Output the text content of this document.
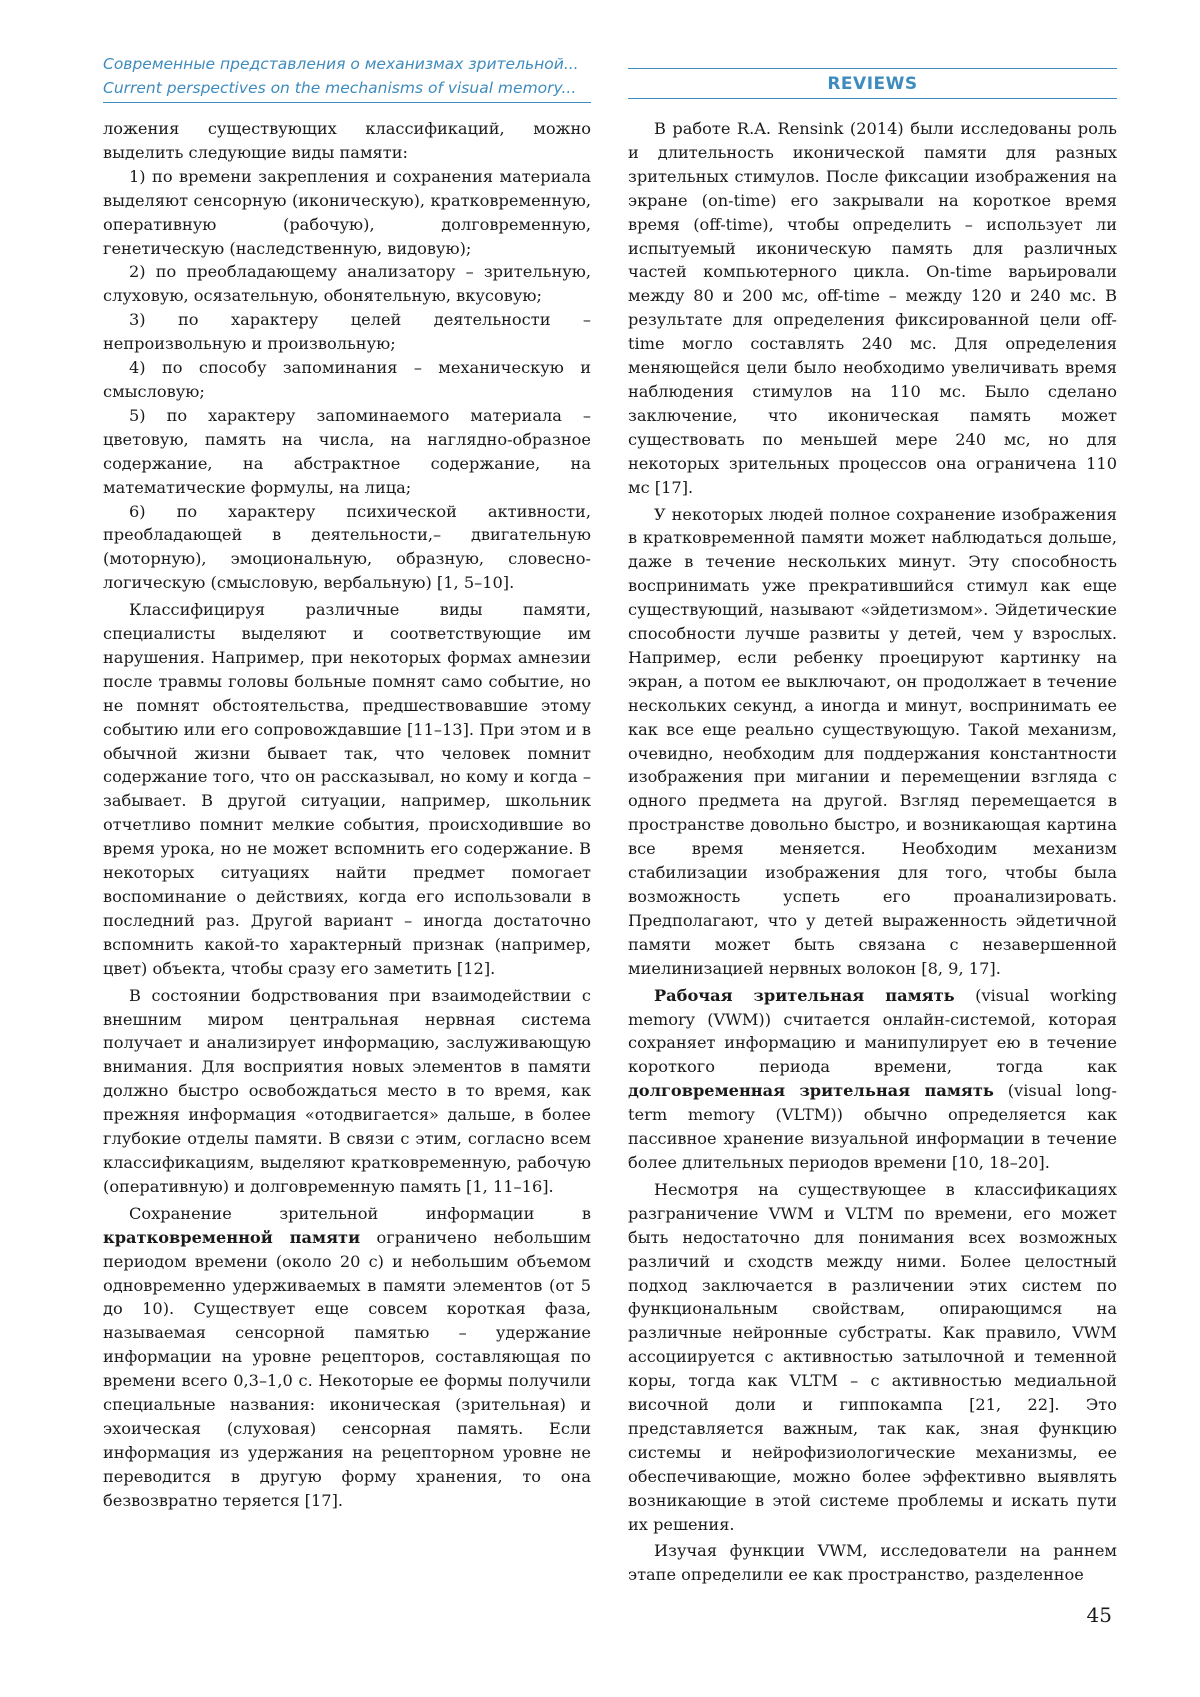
Современные представления о механизмах зрительной...
Current perspectives on the mechanisms of visual memory...	REVIEWS

ложения существующих классификаций, можно выделить следующие виды памяти:

1) по времени закрепления и сохранения материала выделяют сенсорную (иконическую), кратковременную, оперативную (рабочую), долговременную, генетическую (наследственную, видовую);

2) по преобладающему анализатору – зрительную, слуховую, осязательную, обонятельную, вкусовую;

3) по характеру целей деятельности – непроизвольную и произвольную;

4) по способу запоминания – механическую и смысловую;

5) по характеру запоминаемого материала – цветовую, память на числа, на наглядно-образное содержание, на абстрактное содержание, на математические формулы, на лица;

6) по характеру психической активности, преобладающей в деятельности,– двигательную (моторную), эмоциональную, образную, словесно-логическую (смысловую, вербальную) [1, 5–10].

Классифицируя различные виды памяти, специалисты выделяют и соответствующие им нарушения. Например, при некоторых формах амнезии после травмы головы больные помнят само событие, но не помнят обстоятельства, предшествовавшие этому событию или его сопровождавшие [11–13]. При этом и в обычной жизни бывает так, что человек помнит содержание того, что он рассказывал, но кому и когда – забывает. В другой ситуации, например, школьник отчетливо помнит мелкие события, происходившие во время урока, но не может вспомнить его содержание. В некоторых ситуациях найти предмет помогает воспоминание о действиях, когда его использовали в последний раз. Другой вариант – иногда достаточно вспомнить какой-то характерный признак (например, цвет) объекта, чтобы сразу его заметить [12].

В состоянии бодрствования при взаимодействии с внешним миром центральная нервная система получает и анализирует информацию, заслуживающую внимания. Для восприятия новых элементов в памяти должно быстро освобождаться место в то время, как прежняя информация «отодвигается» дальше, в более глубокие отделы памяти. В связи с этим, согласно всем классификациям, выделяют кратковременную, рабочую (оперативную) и долговременную память [1, 11–16].

Сохранение зрительной информации в кратковременной памяти ограничено небольшим периодом времени (около 20 с) и небольшим объемом одновременно удерживаемых в памяти элементов (от 5 до 10). Существует еще совсем короткая фаза, называемая сенсорной памятью – удержание информации на уровне рецепторов, составляющая по времени всего 0,3–1,0 с. Некоторые ее формы получили специальные названия: иконическая (зрительная) и эхоическая (слуховая) сенсорная память. Если информация из удержания на рецепторном уровне не переводится в другую форму хранения, то она безвозвратно теряется [17].

В работе R.A. Rensink (2014) были исследованы роль и длительность иконической памяти для разных зрительных стимулов. После фиксации изображения на экране (on-time) его закрывали на короткое время время (off-time), чтобы определить – использует ли испытуемый иконическую память для различных частей компьютерного цикла. On-time варьировали между 80 и 200 мс, off-time – между 120 и 240 мс. В результате для определения фиксированной цели off-time могло составлять 240 мс. Для определения меняющейся цели было необходимо увеличивать время наблюдения стимулов на 110 мс. Было сделано заключение, что иконическая память может существовать по меньшей мере 240 мс, но для некоторых зрительных процессов она ограничена 110 мс [17].

У некоторых людей полное сохранение изображения в кратковременной памяти может наблюдаться дольше, даже в течение нескольких минут. Эту способность воспринимать уже прекратившийся стимул как еще существующий, называют «эйдетизмом». Эйдетические способности лучше развиты у детей, чем у взрослых. Например, если ребенку проецируют картинку на экран, а потом ее выключают, он продолжает в течение нескольких секунд, а иногда и минут, воспринимать ее как все еще реально существующую. Такой механизм, очевидно, необходим для поддержания константности изображения при мигании и перемещении взгляда с одного предмета на другой. Взгляд перемещается в пространстве довольно быстро, и возникающая картина все время меняется. Необходим механизм стабилизации изображения для того, чтобы была возможность успеть его проанализировать. Предполагают, что у детей выраженность эйдетичной памяти может быть связана с незавершенной миелинизацией нервных волокон [8, 9, 17].

Рабочая зрительная память (visual working memory (VWM)) считается онлайн-системой, которая сохраняет информацию и манипулирует ею в течение короткого периода времени, тогда как долговременная зрительная память (visual long-term memory (VLTM)) обычно определяется как пассивное хранение визуальной информации в течение более длительных периодов времени [10, 18–20].

Несмотря на существующее в классификациях разграничение VWM и VLTM по времени, его может быть недостаточно для понимания всех возможных различий и сходств между ними. Более целостный подход заключается в различении этих систем по функциональным свойствам, опирающимся на различные нейронные субстраты. Как правило, VWM ассоциируется с активностью затылочной и теменной коры, тогда как VLTM – с активностью медиальной височной доли и гиппокампа [21, 22]. Это представляется важным, так как, зная функцию системы и нейрофизиологические механизмы, ее обеспечивающие, можно более эффективно выявлять возникающие в этой системе проблемы и искать пути их решения.

Изучая функции VWM, исследователи на раннем этапе определили ее как пространство, разделенное

45
